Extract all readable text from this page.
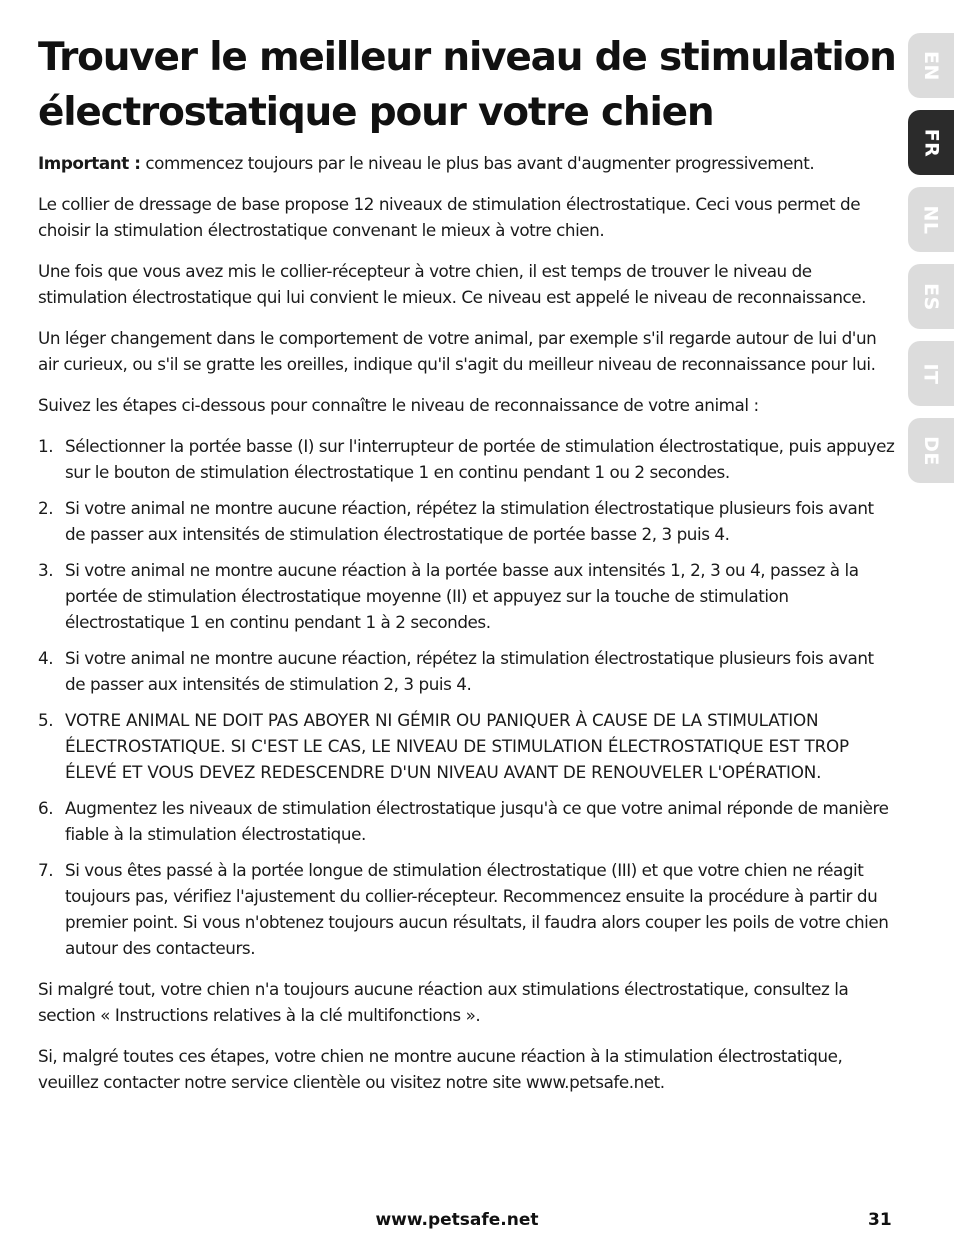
Trouver le meilleur niveau de stimulation
électrostatique pour votre chien

Important : commencez toujours par le niveau le plus bas avant d'augmenter progressivement.

Le collier de dressage de base propose 12 niveaux de stimulation électrostatique. Ceci vous permet de choisir la stimulation électrostatique convenant le mieux à votre chien.

Une fois que vous avez mis le collier-récepteur à votre chien, il est temps de trouver le niveau de stimulation électrostatique qui lui convient le mieux. Ce niveau est appelé le niveau de reconnaissance.

Un léger changement dans le comportement de votre animal, par exemple s'il regarde autour de lui d'un air curieux, ou s'il se gratte les oreilles, indique qu'il s'agit du meilleur niveau de reconnaissance pour lui.

Suivez les étapes ci-dessous pour connaître le niveau de reconnaissance de votre animal :

1. Sélectionner la portée basse (I) sur l'interrupteur de portée de stimulation électrostatique, puis appuyez sur le bouton de stimulation électrostatique 1 en continu pendant 1 ou 2 secondes.
2. Si votre animal ne montre aucune réaction, répétez la stimulation électrostatique plusieurs fois avant de passer aux intensités de stimulation électrostatique de portée basse 2, 3 puis 4.
3. Si votre animal ne montre aucune réaction à la portée basse aux intensités 1, 2, 3 ou 4, passez à la portée de stimulation électrostatique moyenne (II) et appuyez sur la touche de stimulation électrostatique 1 en continu pendant 1 à 2 secondes.
4. Si votre animal ne montre aucune réaction, répétez la stimulation électrostatique plusieurs fois avant de passer aux intensités de stimulation 2, 3 puis 4.
5. VOTRE ANIMAL NE DOIT PAS ABOYER NI GÉMIR OU PANIQUER À CAUSE DE LA STIMULATION ÉLECTROSTATIQUE. SI C'EST LE CAS, LE NIVEAU DE STIMULATION ÉLECTROSTATIQUE EST TROP ÉLEVÉ ET VOUS DEVEZ REDESCENDRE D'UN NIVEAU AVANT DE RENOUVELER L'OPÉRATION.
6. Augmentez les niveaux de stimulation électrostatique jusqu'à ce que votre animal réponde de manière fiable à la stimulation électrostatique.
7. Si vous êtes passé à la portée longue de stimulation électrostatique (III) et que votre chien ne réagit toujours pas, vérifiez l'ajustement du collier-récepteur. Recommencez ensuite la procédure à partir du premier point. Si vous n'obtenez toujours aucun résultats, il faudra alors couper les poils de votre chien autour des contacteurs.

Si malgré tout, votre chien n'a toujours aucune réaction aux stimulations électrostatique, consultez la section « Instructions relatives à la clé multifonctions ».

Si, malgré toutes ces étapes, votre chien ne montre aucune réaction à la stimulation électrostatique, veuillez contacter notre service clientèle ou visitez notre site www.petsafe.net.

EN
FR
NL
ES
IT
DE
www.petsafe.net	31
